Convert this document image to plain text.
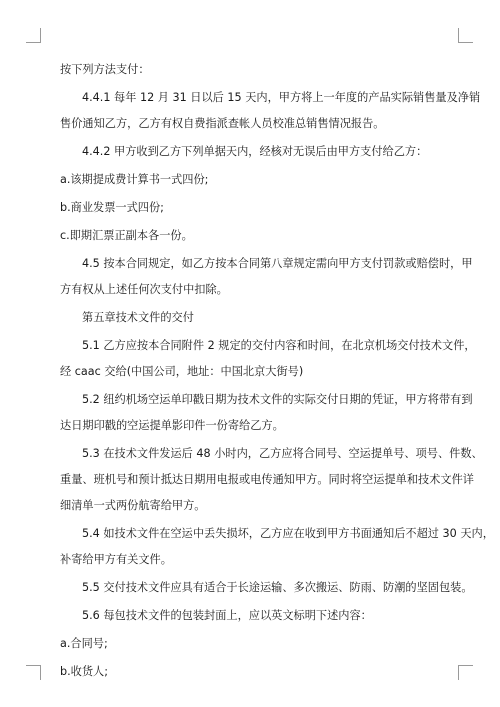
按下列方法支付：
4.4.1 每年 12 月 31 日以后 15 天内，甲方将上一年度的产品实际销售量及净销
售价通知乙方，乙方有权自费指派查帐人员校准总销售情况报告。
4.4.2 甲方收到乙方下列单据天内，经核对无误后由甲方支付给乙方：
a.该期提成费计算书一式四份;
b.商业发票一式四份;
c.即期汇票正副本各一份。
4.5 按本合同规定，如乙方按本合同第八章规定需向甲方支付罚款或赔偿时，甲
方有权从上述任何次支付中扣除。
第五章技术文件的交付
5.1 乙方应按本合同附件 2 规定的交付内容和时间，在北京机场交付技术文件，
经 caac 交给(中国公司，地址：中国北京大街号)
5.2 纽约机场空运单印戳日期为技术文件的实际交付日期的凭证，甲方将带有到
达日期印戳的空运提单影印件一份寄给乙方。
5.3 在技术文件发运后 48 小时内，乙方应将合同号、空运提单号、项号、件数、
重量、班机号和预计抵达日期用电报或电传通知甲方。同时将空运提单和技术文件详
细清单一式两份航寄给甲方。
5.4 如技术文件在空运中丢失损坏，乙方应在收到甲方书面通知后不超过 30 天内，
补寄给甲方有关文件。
5.5 交付技术文件应具有适合于长途运输、多次搬运、防雨、防潮的坚固包装。
5.6 每包技术文件的包装封面上，应以英文标明下述内容：
a.合同号;
b.收货人;
